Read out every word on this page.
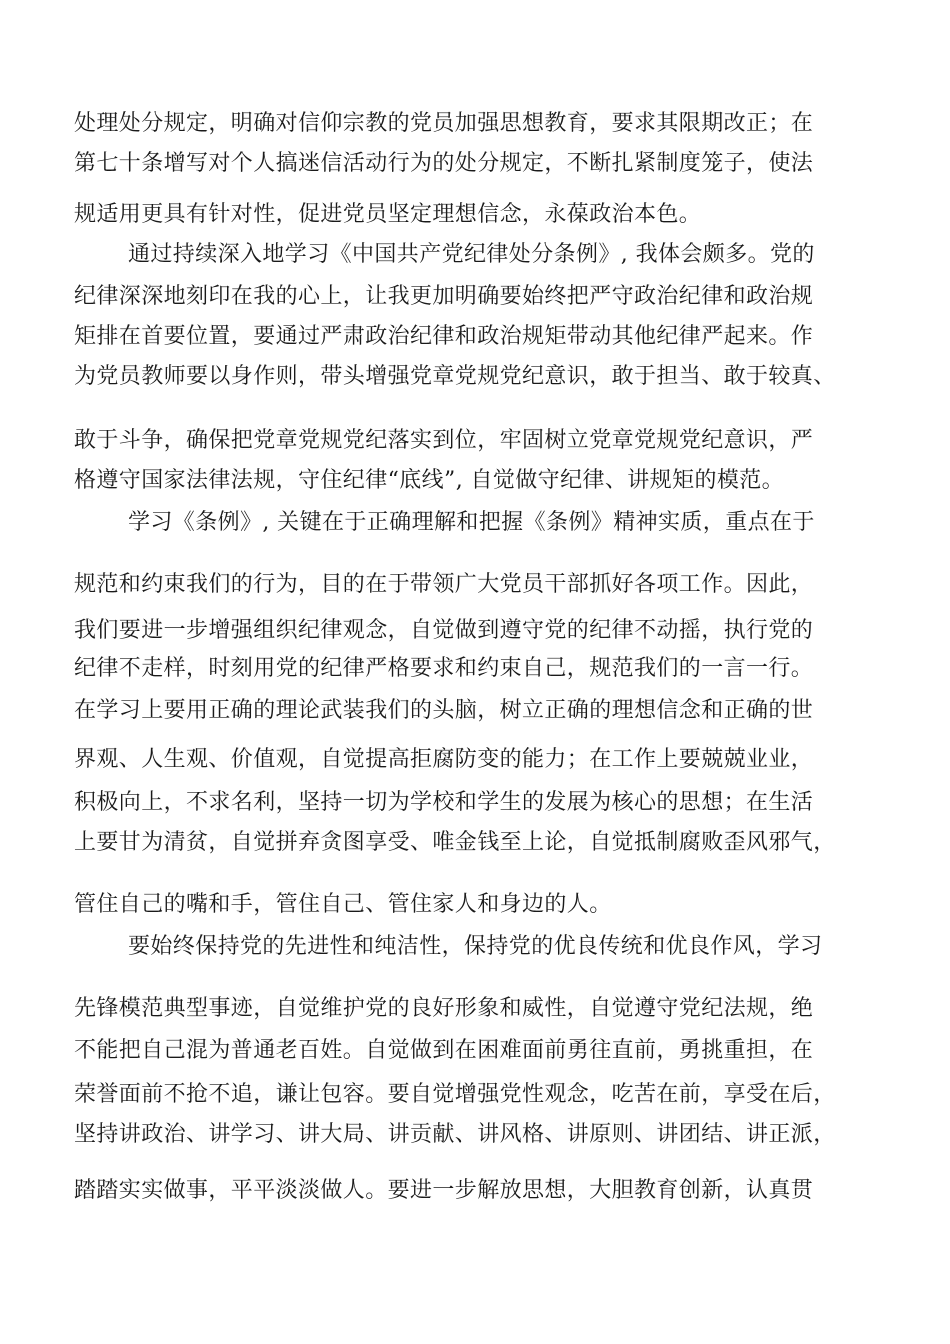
处理处分规定，明确对信仰宗教的党员加强思想教育，要求其限期改正；在
第七十条增写对个人搞迷信活动行为的处分规定，不断扎紧制度笼子，使法
规适用更具有针对性，促进党员坚定理想信念，永葆政治本色。
通过持续深入地学习《中国共产党纪律处分条例》, 我体会颇多。党的
纪律深深地刻印在我的心上，让我更加明确要始终把严守政治纪律和政治规
矩排在首要位置，要通过严肃政治纪律和政治规矩带动其他纪律严起来。作
为党员教师要以身作则，带头增强党章党规党纪意识，敢于担当、敢于较真、
敢于斗争，确保把党章党规党纪落实到位，牢固树立党章党规党纪意识，严
格遵守国家法律法规，守住纪律“底线”, 自觉做守纪律、讲规矩的模范。
学习《条例》, 关键在于正确理解和把握《条例》精神实质，重点在于
规范和约束我们的行为，目的在于带领广大党员干部抓好各项工作。因此，
我们要进一步增强组织纪律观念，自觉做到遵守党的纪律不动摇，执行党的
纪律不走样，时刻用党的纪律严格要求和约束自己，规范我们的一言一行。
在学习上要用正确的理论武装我们的头脑，树立正确的理想信念和正确的世
界观、人生观、价值观，自觉提高拒腐防变的能力；在工作上要兢兢业业，
积极向上，不求名利，坚持一切为学校和学生的发展为核心的思想；在生活
上要甘为清贫，自觉拼弃贪图享受、唯金钱至上论，自觉抵制腐败歪风邪气，
管住自己的嘴和手，管住自己、管住家人和身边的人。
要始终保持党的先进性和纯洁性，保持党的优良传统和优良作风，学习
先锋模范典型事迹，自觉维护党的良好形象和威性，自觉遵守党纪法规，绝
不能把自己混为普通老百姓。自觉做到在困难面前勇往直前，勇挑重担，在
荣誉面前不抢不追，谦让包容。要自觉增强党性观念，吃苦在前，享受在后，
坚持讲政治、讲学习、讲大局、讲贡献、讲风格、讲原则、讲团结、讲正派，
踏踏实实做事，平平淡淡做人。要进一步解放思想，大胆教育创新，认真贯
